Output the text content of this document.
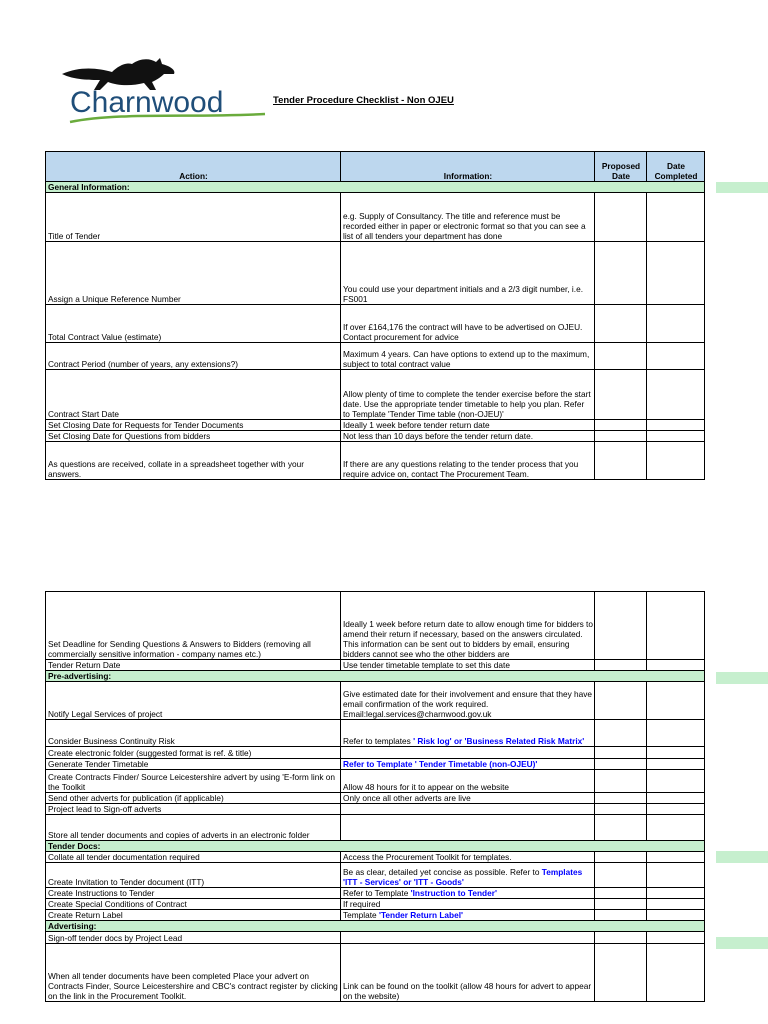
Charnwood	Tender Procedure Checklist - Non OJEU
Action:	Information:	Proposed Date	Date Completed
General Information:			
Title of Tender	e.g. Supply of Consultancy. The title and reference must be recorded either in paper or electronic format so that you can see a list of all tenders your department has done		
Assign a Unique Reference Number	You could use your department initials and a 2/3 digit number, i.e. FS001		
Total Contract Value (estimate)	If over £164,176 the contract will have to be advertised on OJEU. Contact procurement for advice		
Contract Period (number of years, any extensions?)	Maximum 4 years. Can have options to extend up to the maximum, subject to total contract value		
Contract Start Date	Allow plenty of time to complete the tender exercise before the start date. Use the appropriate tender timetable to help you plan. Refer to Template 'Tender Time table (non-OJEU)'		
Set Closing Date for Requests for Tender Documents	Ideally 1 week before tender return date		
Set Closing Date for Questions from bidders	Not less than 10 days before the tender return date.		
As questions are received, collate in a spreadsheet together with your answers.	If there are any questions relating to the tender process that you require advice on, contact The Procurement Team.		
Set Deadline for Sending Questions & Answers to Bidders (removing all commercially sensitive information - company names etc.)	Ideally 1 week before return date to allow enough time for bidders to amend their return if necessary, based on the answers circulated. This information can be sent out to bidders by email, ensuring bidders cannot see who the other bidders are		
Tender Return Date	Use tender timetable template to set this date		
Pre-advertising:			
Notify Legal Services of project	Give estimated date for their involvement and ensure that they have email confirmation of the work required. Email:legal.services@charnwood.gov.uk		
Consider Business Continuity Risk	Refer to templates ' Risk log' or 'Business Related Risk Matrix'		
Create electronic folder (suggested format is ref. & title)			
Generate Tender Timetable	Refer to Template ' Tender Timetable (non-OJEU)'		
Create Contracts Finder/ Source Leicestershire advert by using 'E-form link on the Toolkit	Allow 48 hours for it to appear on the website		
Send other adverts for publication (if applicable)	Only once all other adverts are live		
Project lead to Sign-off adverts			
Store all tender documents and copies of adverts in an electronic folder			
Tender Docs:			
Collate all tender documentation required	Access the Procurement Toolkit for templates.		
Create Invitation to Tender document (ITT)	Be as clear, detailed yet concise as possible. Refer to Templates 'ITT - Services' or 'ITT - Goods'		
Create Instructions to Tender	Refer to Template 'Instruction to Tender'		
Create Special Conditions of Contract	If required		
Create Return Label	Template 'Tender Return Label'		
Advertising:			
Sign-off tender docs by Project Lead			
When all tender documents have been completed Place your advert on Contracts Finder, Source Leicestershire and CBC's contract register by clicking on the link in the Procurement Toolkit.	Link can be found on the toolkit (allow 48 hours for advert to appear on the website)		
